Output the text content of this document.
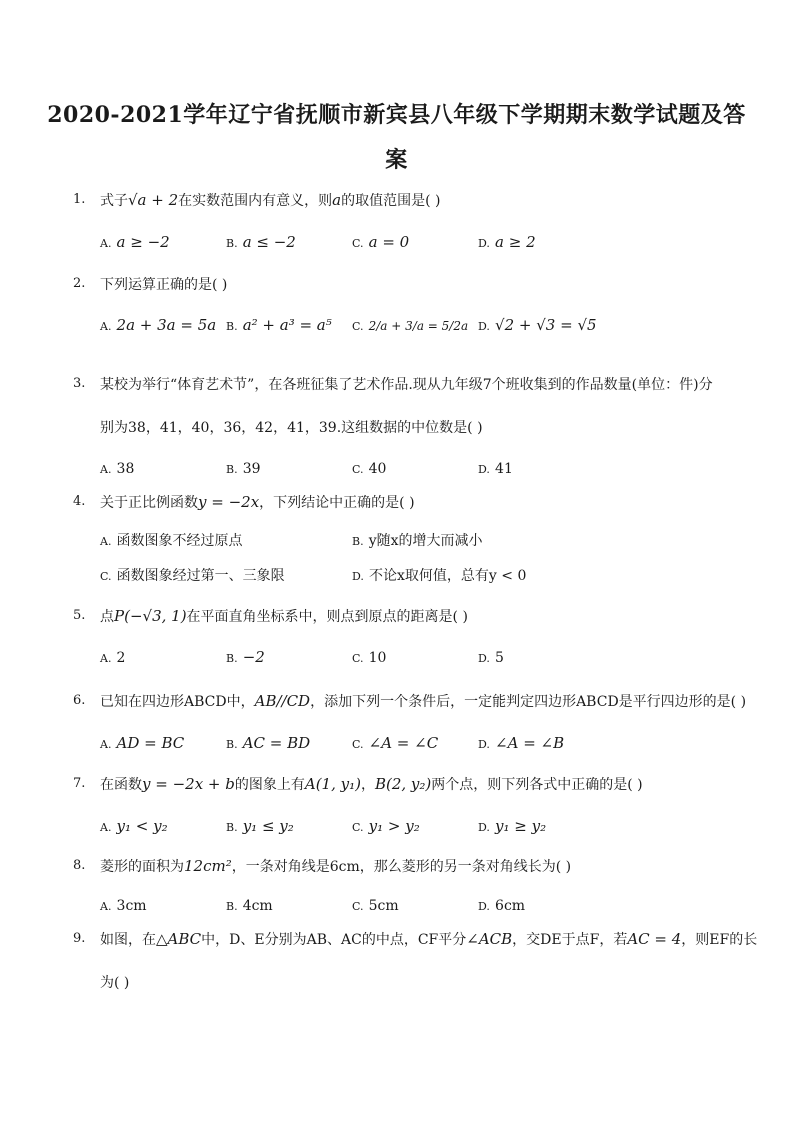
2020-2021学年辽宁省抚顺市新宾县八年级下学期期末数学试题及答
案
1. 式子√a + 2在实数范围内有意义，则a的取值范围是( )
A. a ≥ −2	B. a ≤ −2	C. a = 0	D. a ≥ 2
2. 下列运算正确的是( )
A. 2a + 3a = 5a B. a² + a³ = a⁵ C. 2/a + 3/a = 5/2a D. √2 + √3 = √5
3. 某校为举行“体育艺术节”，在各班征集了艺术作品.现从九年级7个班收集到的作品数量(单位：件)分
别为38，41，40，36，42，41，39.这组数据的中位数是( )
A. 38	B. 39	C. 40	D. 41
4. 关于正比例函数y = −2x，下列结论中正确的是( )
A. 函数图象不经过原点	B. y随x的增大而减小
C. 函数图象经过第一、三象限	D. 不论x取何值，总有y < 0
5. 点P(−√3, 1)在平面直角坐标系中，则点到原点的距离是( )
A. 2	B. −2	C. 10	D. 5
6. 已知在四边形ABCD中，AB//CD，添加下列一个条件后，一定能判定四边形ABCD是平行四边形的是( )
A. AD = BC	B. AC = BD	C. ∠A = ∠C	D. ∠A = ∠B
7. 在函数y = −2x + b的图象上有A(1, y₁)，B(2, y₂)两个点，则下列各式中正确的是( )
A. y₁ < y₂	B. y₁ ≤ y₂	C. y₁ > y₂	D. y₁ ≥ y₂
8. 菱形的面积为12cm²，一条对角线是6cm，那么菱形的另一条对角线长为( )
A. 3cm	B. 4cm	C. 5cm	D. 6cm
9. 如图，在△ABC中，D、E分别为AB、AC的中点，CF平分∠ACB，交DE于点F，若AC = 4，则EF的长
为( )
